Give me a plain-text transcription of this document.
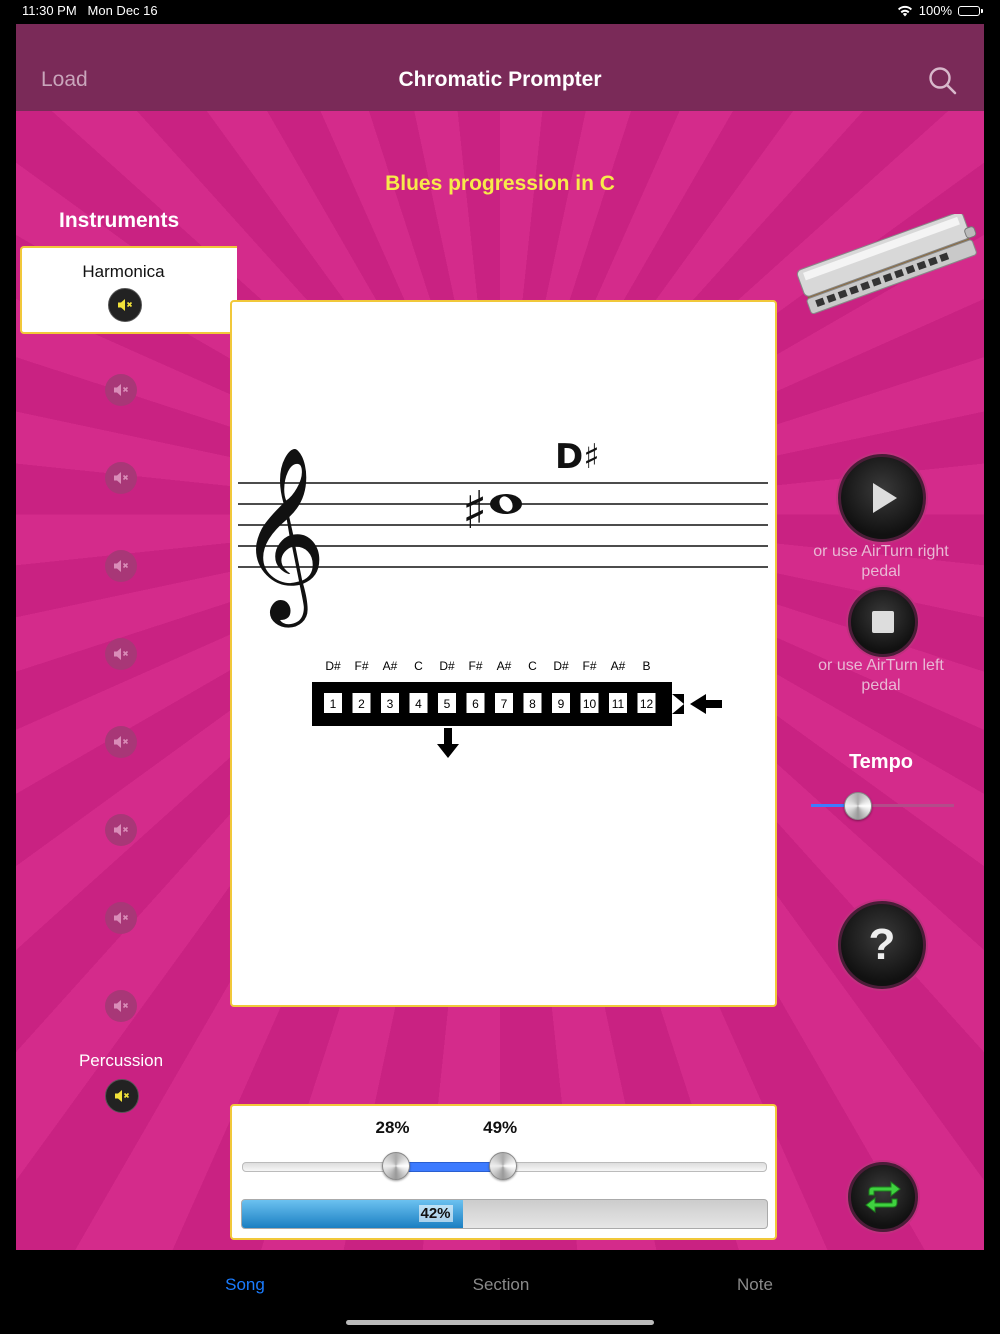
11:30 PM Mon Dec 16	100%
Load	Chromatic Prompter
Blues progression in C
Instruments
Harmonica
Percussion
𝄞	♯
D♯
D# F# A# C D# F# A# C D# F# A# B
1 2 3 4 5 6 7 8 9 10 11 12
or use AirTurn right pedal
or use AirTurn left pedal
Tempo
?
28%	49%
42%
Song	Section	Note
